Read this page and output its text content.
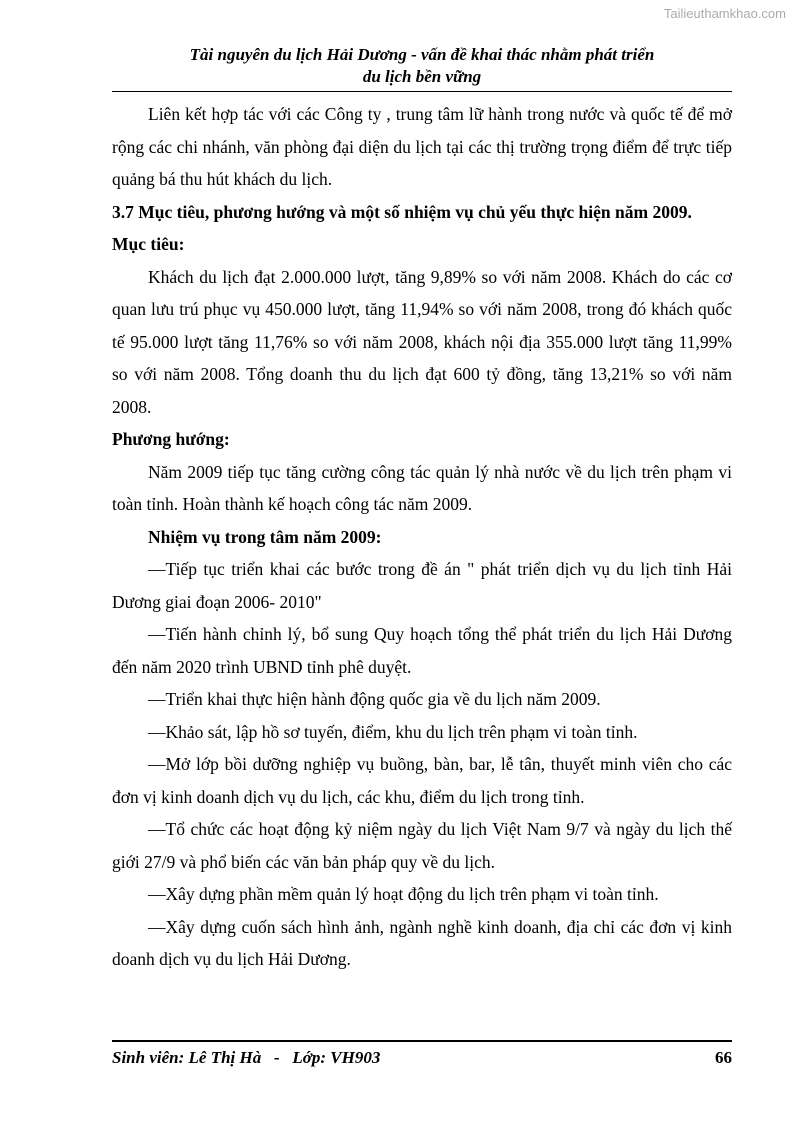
Tailieuthamkhao.com
Tài nguyên du lịch Hải Dương - vấn đề khai thác nhằm phát triển
du lịch bền vững

Liên kết hợp tác với các Công ty , trung tâm lữ hành trong nước và quốc tế để mở rộng các chi nhánh, văn phòng đại diện du lịch tại các thị trường trọng điểm để trực tiếp quảng bá thu hút khách du lịch.

3.7 Mục tiêu, phương hướng và một số nhiệm vụ chủ yếu thực hiện năm 2009.

Mục tiêu:

Khách du lịch đạt 2.000.000 lượt, tăng 9,89% so với năm 2008. Khách do các cơ quan lưu trú phục vụ 450.000 lượt, tăng 11,94% so với năm 2008, trong đó khách quốc tế 95.000 lượt tăng 11,76% so với năm 2008, khách nội địa 355.000 lượt tăng 11,99% so với năm 2008. Tổng doanh thu du lịch đạt 600 tỷ đồng, tăng 13,21% so với năm 2008.

Phương hướng:

Năm 2009 tiếp tục tăng cường công tác quản lý nhà nước về du lịch trên phạm vi toàn tỉnh. Hoàn thành kế hoạch công tác năm 2009.

Nhiệm vụ trong tâm năm 2009:

—Tiếp tục triển khai các bước trong đề án " phát triển dịch vụ du lịch tỉnh Hải Dương giai đoạn 2006- 2010"

—Tiến hành chỉnh lý, bổ sung Quy hoạch tổng thể phát triển du lịch Hải Dương đến năm 2020 trình UBND tỉnh phê duyệt.

—Triển khai thực hiện hành động quốc gia về du lịch năm 2009.

—Khảo sát, lập hồ sơ tuyến, điểm, khu du lịch trên phạm vi toàn tỉnh.

—Mở lớp bồi dưỡng nghiệp vụ buồng, bàn, bar, lễ tân, thuyết minh viên cho các đơn vị kinh doanh dịch vụ du lịch, các khu, điểm du lịch trong tỉnh.

—Tổ chức các hoạt động kỷ niệm ngày du lịch Việt Nam 9/7 và ngày du lịch thế giới 27/9 và phổ biến các văn bản pháp quy về du lịch.

—Xây dựng phần mềm quản lý hoạt động du lịch trên phạm vi toàn tỉnh.

—Xây dựng cuốn sách hình ảnh, ngành nghề kinh doanh, địa chỉ các đơn vị kinh doanh dịch vụ du lịch Hải Dương.

Sinh viên: Lê Thị Hà   -   Lớp: VH903	66
